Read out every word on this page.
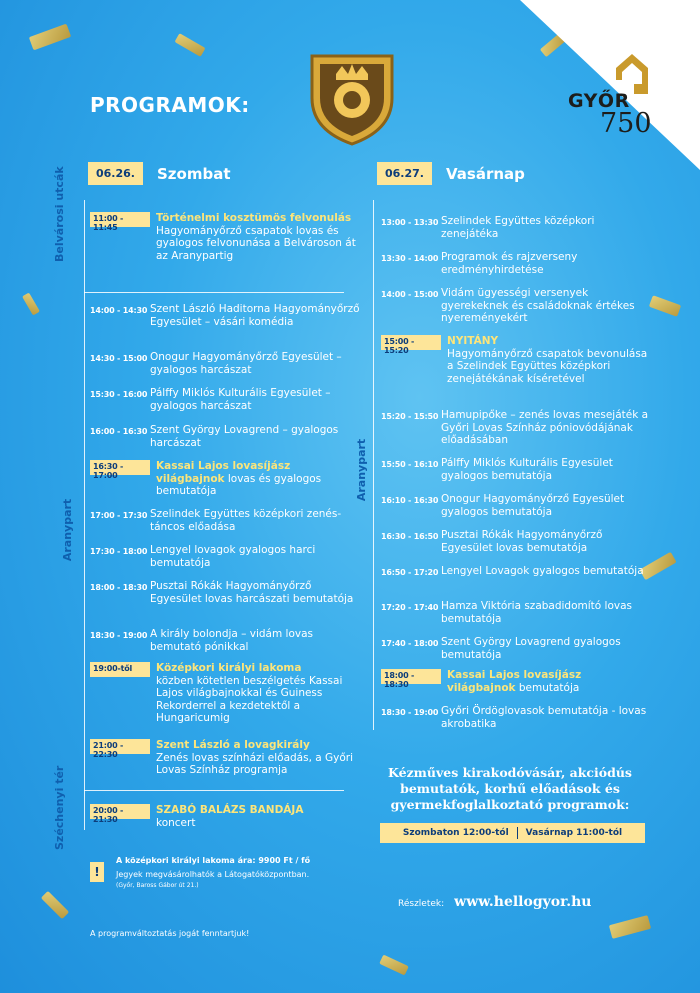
GYŐR
750
PROGRAMOK:
06.26.	Szombat	06.27.	Vasárnap
Belvárosi utcák
Aranypart
Széchenyi tér
Aranypart
11:00 - 11:45
Történelmi kosztümös felvonulás
Hagyományőrző csapatok lovas és gyalogos felvonunása a Belvároson át az Aranypartig
14:00 - 14:30 Szent László Haditorna Hagyományőrző Egyesület – vásári komédia
14:30 - 15:00 Onogur Hagyományőrző Egyesület – gyalogos harcászat
15:30 - 16:00 Pálffy Miklós Kulturális Egyesület – gyalogos harcászat
16:00 - 16:30 Szent György Lovagrend – gyalogos harcászat
16:30 - 17:00
Kassai Lajos lovasíjász világbajnok lovas és gyalogos bemutatója
17:00 - 17:30 Szelindek Együttes középkori zenés-táncos előadása
17:30 - 18:00 Lengyel lovagok gyalogos harci bemutatója
18:00 - 18:30 Pusztai Rókák Hagyományőrző Egyesület lovas harcászati bemutatója
18:30 - 19:00 A király bolondja – vidám lovas bemutató pónikkal
19:00-től	Középkori királyi lakoma
közben kötetlen beszélgetés Kassai Lajos világbajnokkal és Guiness Rekorderrel a kezdetektől a Hungaricumig
21:00 - 22:30
Szent László a lovagkirály
Zenés lovas színházi előadás, a Győri Lovas Színház programja
20:00 - 21:30
SZABÓ BALÁZS BANDÁJA
koncert
13:00 - 13:30 Szelindek Együttes középkori zenejátéka
13:30 - 14:00 Programok és rajzverseny eredményhirdetése
14:00 - 15:00 Vidám ügyességi versenyek gyerekeknek és családoknak értékes nyereményekért
15:00 - 15:20
NYITÁNY
Hagyományőrző csapatok bevonulása a Szelindek Együttes középkori zenejátékának kíséretével
15:20 - 15:50 Hamupipőke – zenés lovas mesejáték a Győri Lovas Színház póniovódájának előadásában
15:50 - 16:10 Pálffy Miklós Kulturális Egyesület gyalogos bemutatója
16:10 - 16:30 Onogur Hagyományőrző Egyesület gyalogos bemutatója
16:30 - 16:50 Pusztai Rókák Hagyományőrző Egyesület lovas bemutatója
16:50 - 17:20 Lengyel Lovagok gyalogos bemutatója
17:20 - 17:40 Hamza Viktória szabadidomító lovas bemutatója
17:40 - 18:00 Szent György Lovagrend gyalogos bemutatója
18:00 - 18:30
Kassai Lajos lovasíjász világbajnok bemutatója
18:30 - 19:00 Győri Ördöglovasok bemutatója - lovas akrobatika
!
A középkori királyi lakoma ára: 9900 Ft / fő
Jegyek megvásárolhatók a Látogatóközpontban.
(Győr, Baross Gábor út 21.)
A programváltoztatás jogát fenntartjuk!
Kézműves kirakodóvásár, akciódús bemutatók, korhű előadások és gyermekfoglalkoztató programok:
Szombaton 12:00-tól Vasárnap 11:00-tól
Részletek: www.hellogyor.hu
